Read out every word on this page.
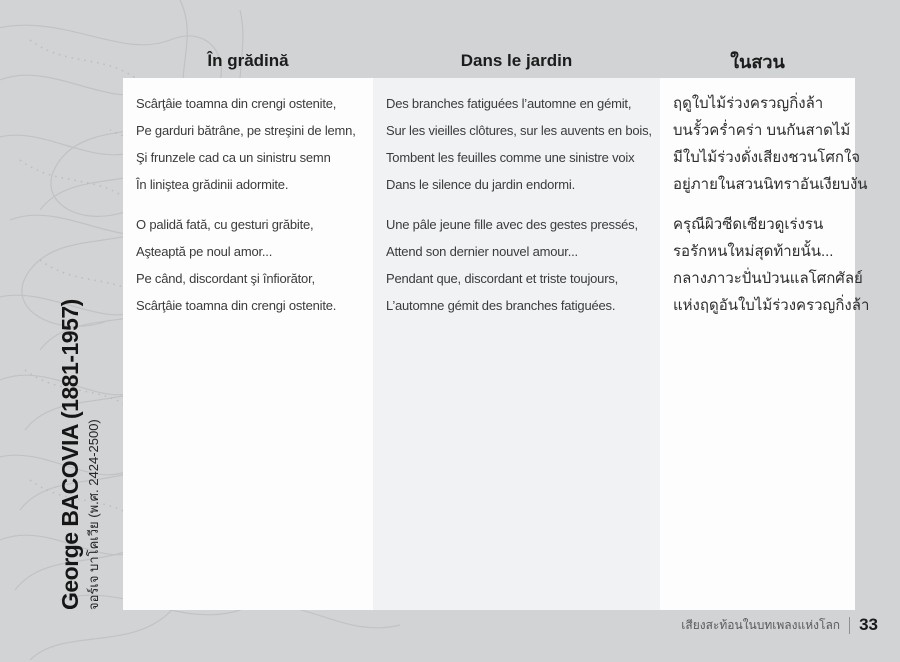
George BACOVIA (1881-1957) จอร์เจ บาโคเวีย (พ.ศ. 2424-2500)
În grădină
Scârţâie toamna din crengi ostenite,
Pe garduri bătrâne, pe streşini de lemn,
Şi frunzele cad ca un sinistru semn
În liniştea grădinii adormite.
O palidă fată, cu gesturi grăbite,
Aşteaptă pe noul amor...
Pe când, discordant şi înfiorător,
Scârţâie toamna din crengi ostenite.
Dans le jardin
Des branches fatiguées l’automne en gémit,
Sur les vieilles clôtures, sur les auvents en bois,
Tombent les feuilles comme une sinistre voix
Dans le silence du jardin endormi.
Une pâle jeune fille avec des gestes pressés,
Attend son dernier nouvel amour...
Pendant que, discordant et triste toujours,
L’automne gémit des branches fatiguées.
ในสวน
ฤดูใบไม้ร่วงครวญกิ่งล้า
บนรั้วคร่ำคร่า บนกันสาดไม้
มีใบไม้ร่วงดั่งเสียงชวนโศกใจ
อยู่ภายในสวนนิทราอันเงียบงัน
ครุณีผิวซีดเซียวดูเร่งรน
รอรักหนใหม่สุดท้ายนั้น...
กลางภาวะปั่นป่วนแลโศกศัลย์
แห่งฤดูอันใบไม้ร่วงครวญกิ่งล้า
เสียงสะท้อนในบทเพลงแห่งโลก 33
